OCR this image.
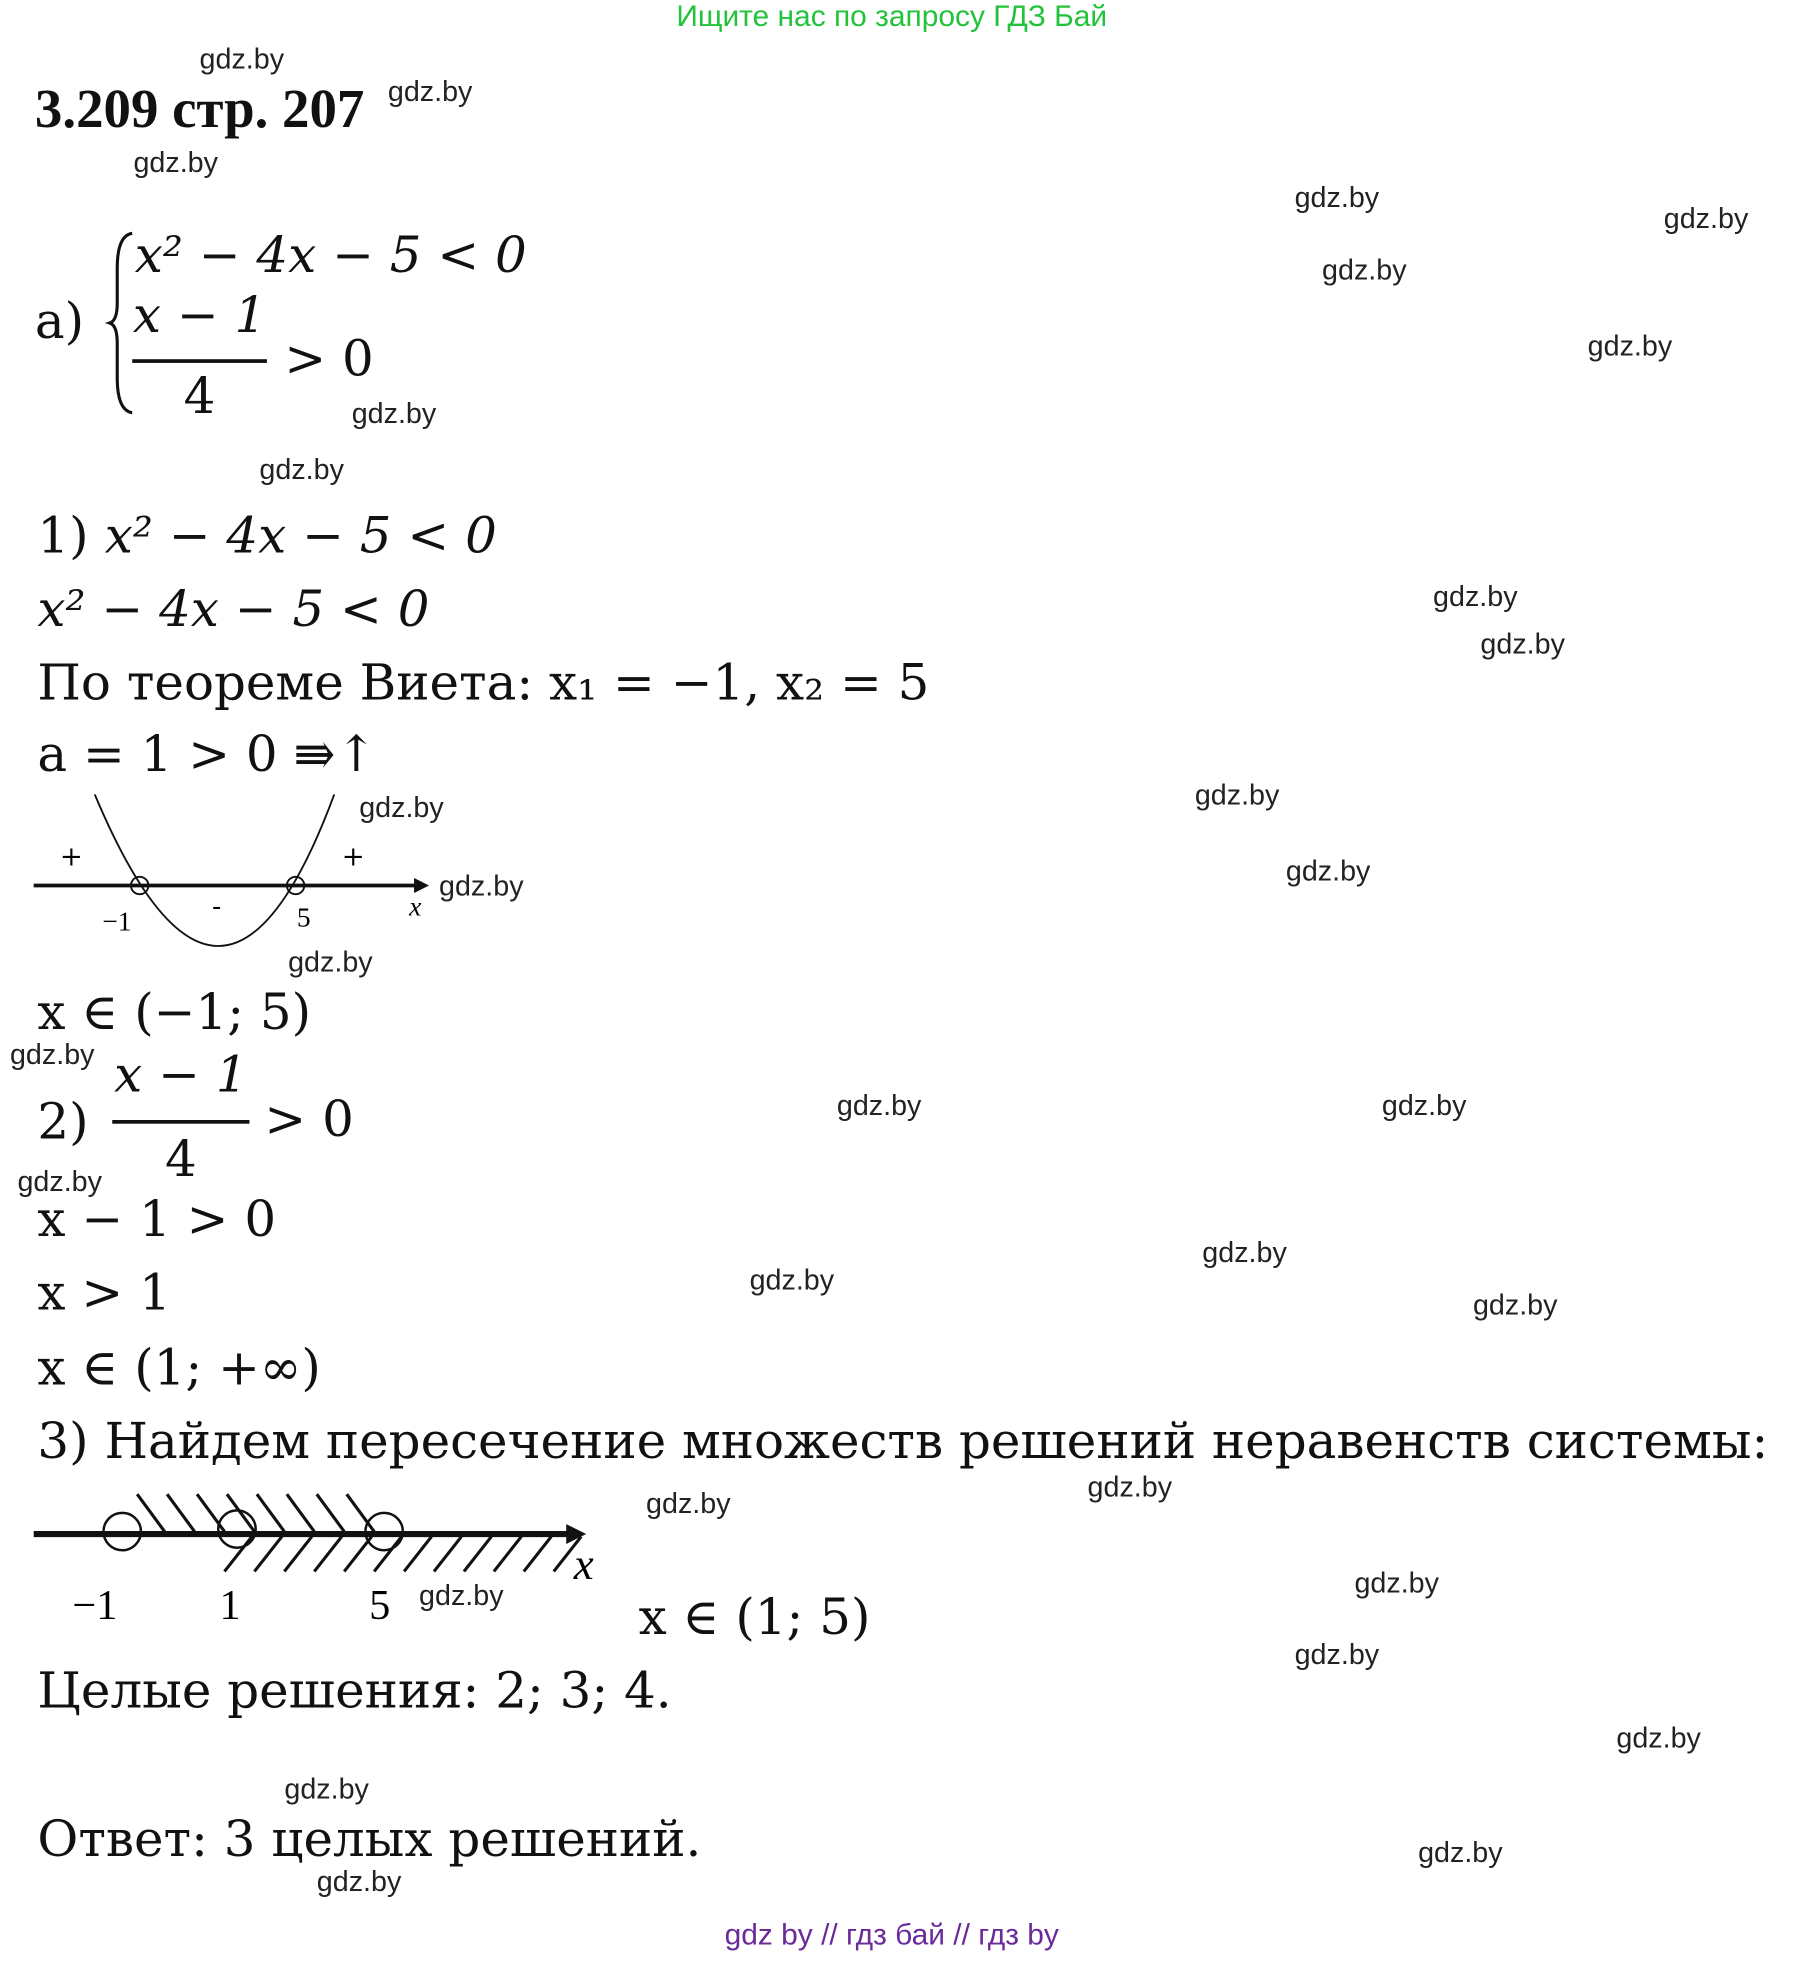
Ищите нас по запросу ГДЗ Бай
3.209 стр. 207
gdz.by
gdz.by
gdz.by
gdz.by
gdz.by
gdz.by
gdz.by
gdz.by
gdz.by
gdz.by
gdz.by
gdz.by
gdz.by
gdz.by
gdz.by
gdz.by
gdz.by
gdz.by	gdz.by
gdz.by
gdz.by
gdz.by
gdz.by
gdz.by	gdz.by
gdz.by
gdz.by
gdz.by
gdz.by
gdz.by
gdz.by
gdz.by
а)
x² − 4x − 5 < 0
x − 1
4
> 0
1) x² − 4x − 5 < 0
x² − 4x − 5 < 0
По теореме Виета: x₁ = −1, x₂ = 5
a = 1 > 0 ⇛↑
+
-
+
−1	5	x
x ∈ (−1; 5)
2)
x − 1
4
> 0
x − 1 > 0
x > 1
x ∈ (1; +∞)
3) Найдем пересечение множеств решений неравенств системы:
−1	1	5
x
x ∈ (1; 5)
Целые решения: 2; 3; 4.
Ответ: 3 целых решений.
gdz by // гдз бай // гдз by
